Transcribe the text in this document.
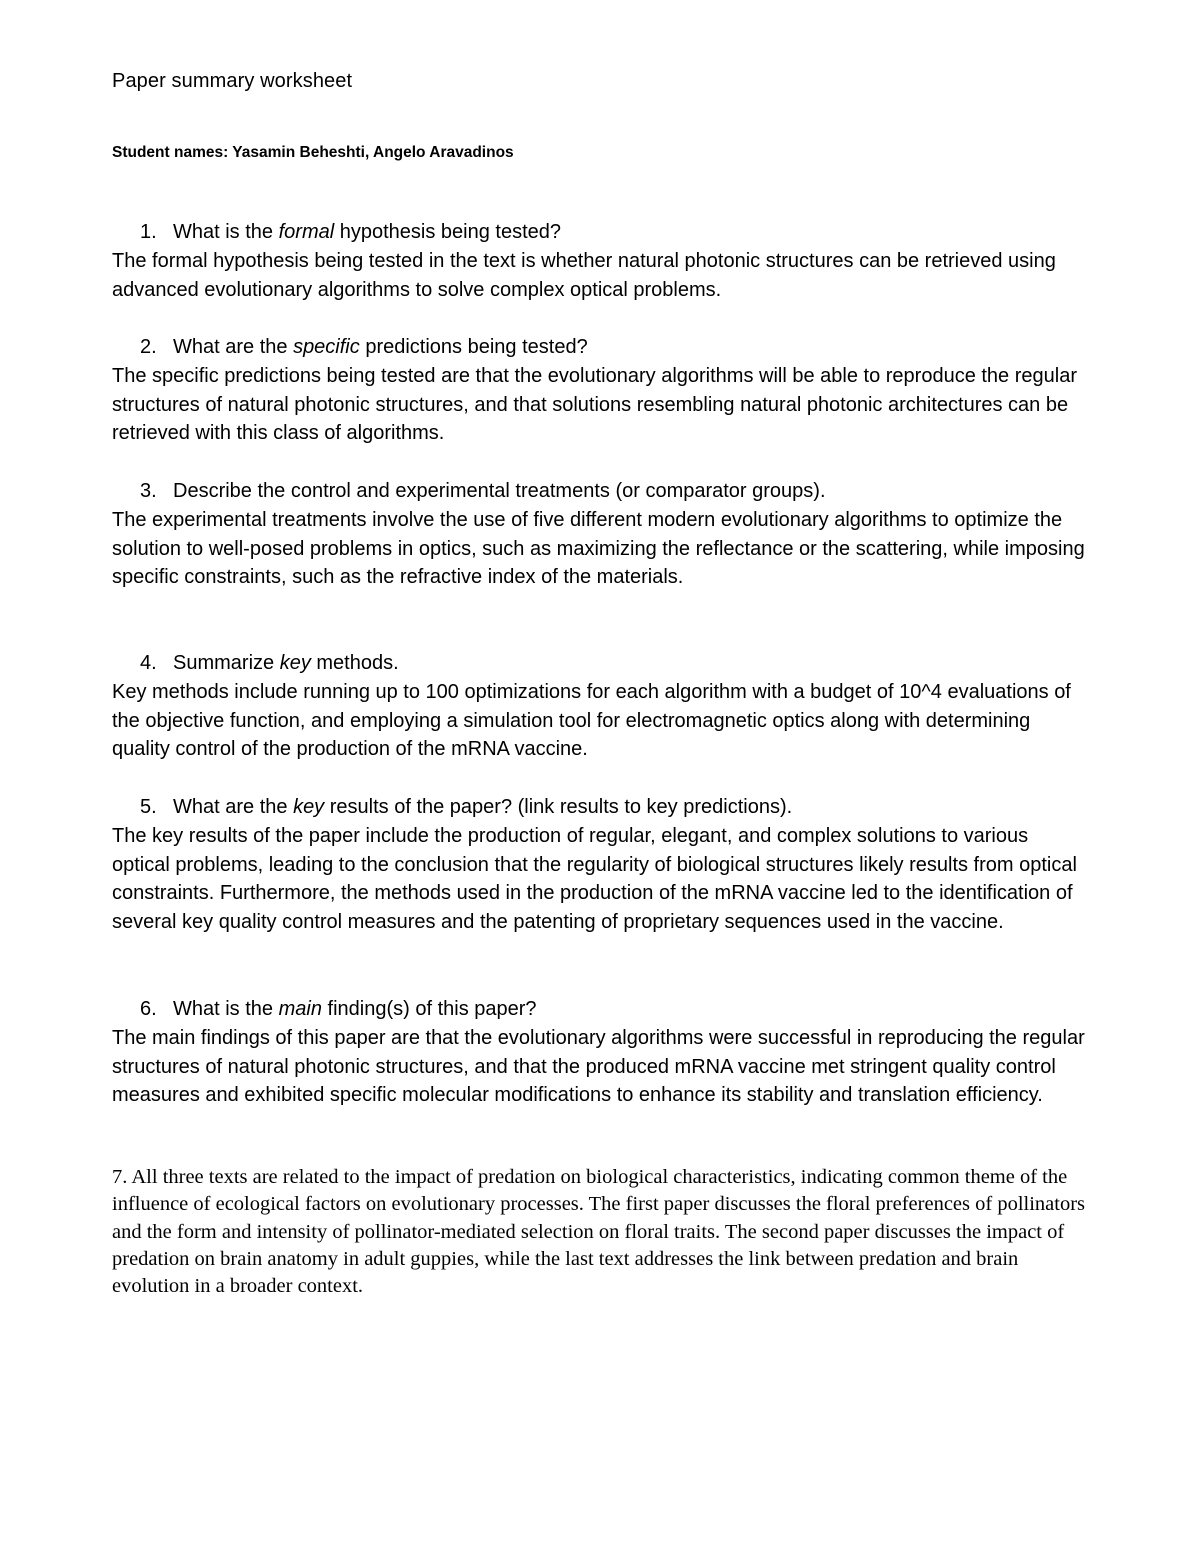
Paper summary worksheet
Student names: Yasamin Beheshti, Angelo Aravadinos
1. What is the formal hypothesis being tested?
The formal hypothesis being tested in the text is whether natural photonic structures can be retrieved using advanced evolutionary algorithms to solve complex optical problems.
2. What are the specific predictions being tested?
The specific predictions being tested are that the evolutionary algorithms will be able to reproduce the regular structures of natural photonic structures, and that solutions resembling natural photonic architectures can be retrieved with this class of algorithms.
3. Describe the control and experimental treatments (or comparator groups).
The experimental treatments involve the use of five different modern evolutionary algorithms to optimize the solution to well-posed problems in optics, such as maximizing the reflectance or the scattering, while imposing specific constraints, such as the refractive index of the materials.
4. Summarize key methods.
Key methods include running up to 100 optimizations for each algorithm with a budget of 10^4 evaluations of the objective function, and employing a simulation tool for electromagnetic optics along with determining quality control of the production of the mRNA vaccine.
5. What are the key results of the paper? (link results to key predictions).
The key results of the paper include the production of regular, elegant, and complex solutions to various optical problems, leading to the conclusion that the regularity of biological structures likely results from optical constraints. Furthermore, the methods used in the production of the mRNA vaccine led to the identification of several key quality control measures and the patenting of proprietary sequences used in the vaccine.
6. What is the main finding(s) of this paper?
The main findings of this paper are that the evolutionary algorithms were successful in reproducing the regular structures of natural photonic structures, and that the produced mRNA vaccine met stringent quality control measures and exhibited specific molecular modifications to enhance its stability and translation efficiency.
7. All three texts are related to the impact of predation on biological characteristics, indicating common theme of the influence of ecological factors on evolutionary processes. The first paper discusses the floral preferences of pollinators and the form and intensity of pollinator-mediated selection on floral traits. The second paper discusses the impact of predation on brain anatomy in adult guppies, while the last text addresses the link between predation and brain evolution in a broader context.
